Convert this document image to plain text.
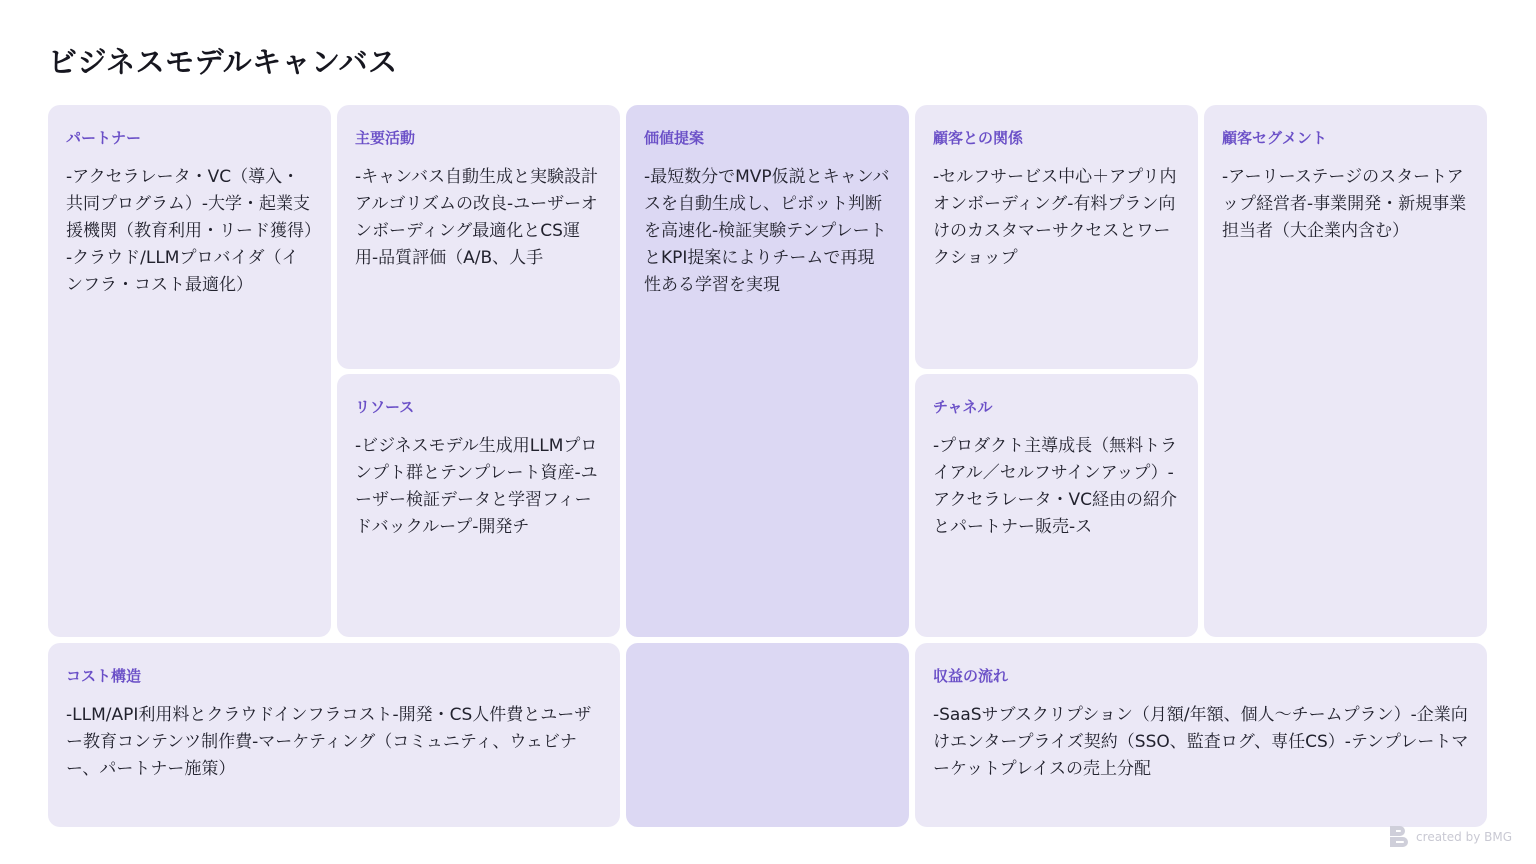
ビジネスモデルキャンバス
パートナー
-アクセラレータ・VC（導入・共同プログラム）-大学・起業支援機関（教育利用・リード獲得）-クラウド/LLMプロバイダ（インフラ・コスト最適化）
主要活動
-キャンバス自動生成と実験設計アルゴリズムの改良-ユーザーオンボーディング最適化とCS運用-品質評価（A/B、人手
リソース
-ビジネスモデル生成用LLMプロンプト群とテンプレート資産-ユーザー検証データと学習フィードバックループ-開発チ
価値提案
-最短数分でMVP仮説とキャンバスを自動生成し、ピボット判断を高速化-検証実験テンプレートとKPI提案によりチームで再現性ある学習を実現
顧客との関係
-セルフサービス中心＋アプリ内オンボーディング-有料プラン向けのカスタマーサクセスとワークショップ
チャネル
-プロダクト主導成長（無料トライアル／セルフサインアップ）-アクセラレータ・VC経由の紹介とパートナー販売-ス
顧客セグメント
-アーリーステージのスタートアップ経営者-事業開発・新規事業担当者（大企業内含む）
コスト構造
-LLM/API利用料とクラウドインフラコスト-開発・CS人件費とユーザー教育コンテンツ制作費-マーケティング（コミュニティ、ウェビナー、パートナー施策）
収益の流れ
-SaaSサブスクリプション（月額/年額、個人〜チームプラン）-企業向けエンタープライズ契約（SSO、監査ログ、専任CS）-テンプレートマーケットプレイスの売上分配
created by BMG
